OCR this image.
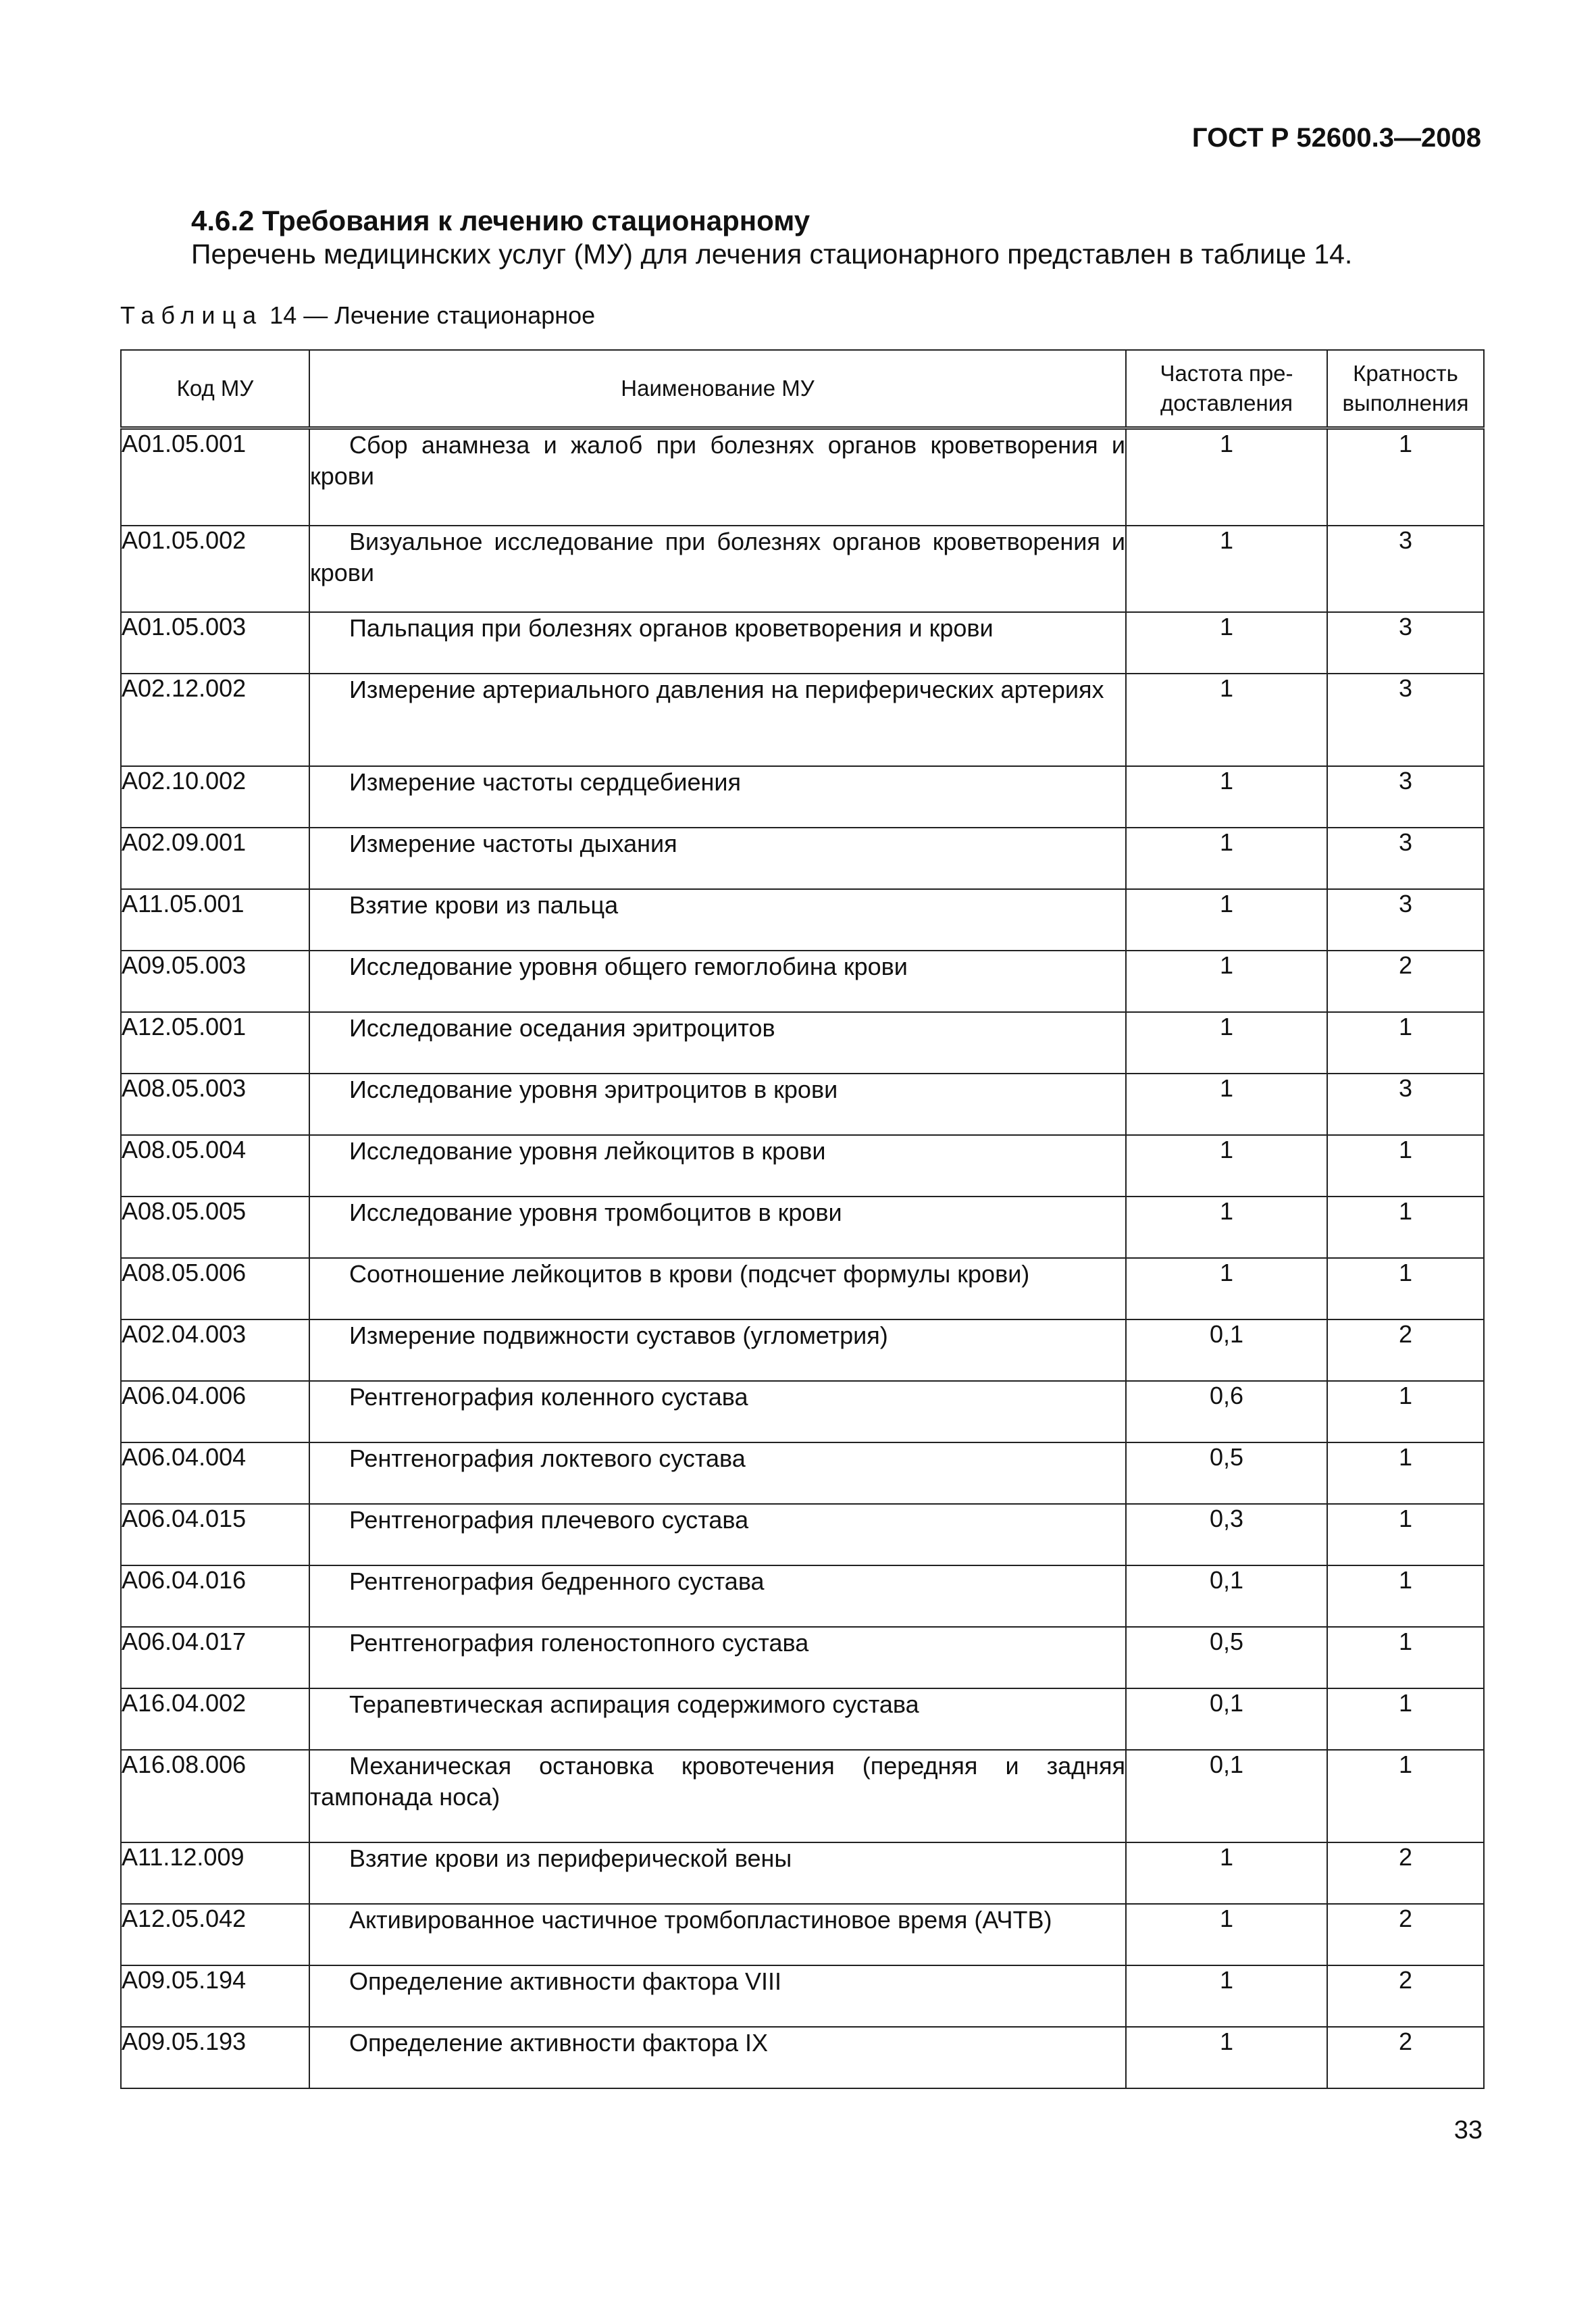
ГОСТ Р 52600.3—2008
4.6.2 Требования к лечению стационарному
Перечень медицинских услуг (МУ) для лечения стационарного представлен в таблице 14.
Таблица 14 — Лечение стационарное
Код МУ	Наименование МУ	Частота пре-доставления	Кратность выполнения
А01.05.001	Сбор анамнеза и жалоб при болезнях органов кроветворения и крови	1	1
А01.05.002	Визуальное исследование при болезнях органов кроветворения и крови	1	3
А01.05.003	Пальпация при болезнях органов кроветворения и крови	1	3
А02.12.002	Измерение артериального давления на периферических артериях	1	3
А02.10.002	Измерение частоты сердцебиения	1	3
А02.09.001	Измерение частоты дыхания	1	3
А11.05.001	Взятие крови из пальца	1	3
А09.05.003	Исследование уровня общего гемоглобина крови	1	2
А12.05.001	Исследование оседания эритроцитов	1	1
А08.05.003	Исследование уровня эритроцитов в крови	1	3
А08.05.004	Исследование уровня лейкоцитов в крови	1	1
А08.05.005	Исследование уровня тромбоцитов в крови	1	1
А08.05.006	Соотношение лейкоцитов в крови (подсчет формулы крови)	1	1
А02.04.003	Измерение подвижности суставов (углометрия)	0,1	2
А06.04.006	Рентгенография коленного сустава	0,6	1
А06.04.004	Рентгенография локтевого сустава	0,5	1
А06.04.015	Рентгенография плечевого сустава	0,3	1
А06.04.016	Рентгенография бедренного сустава	0,1	1
А06.04.017	Рентгенография голеностопного сустава	0,5	1
А16.04.002	Терапевтическая аспирация содержимого сустава	0,1	1
А16.08.006	Механическая остановка кровотечения (передняя и задняя тампонада носа)	0,1	1
А11.12.009	Взятие крови из периферической вены	1	2
А12.05.042	Активированное частичное тромбопластиновое время (АЧТВ)	1	2
А09.05.194	Определение активности фактора VIII	1	2
А09.05.193	Определение активности фактора IX	1	2
33
